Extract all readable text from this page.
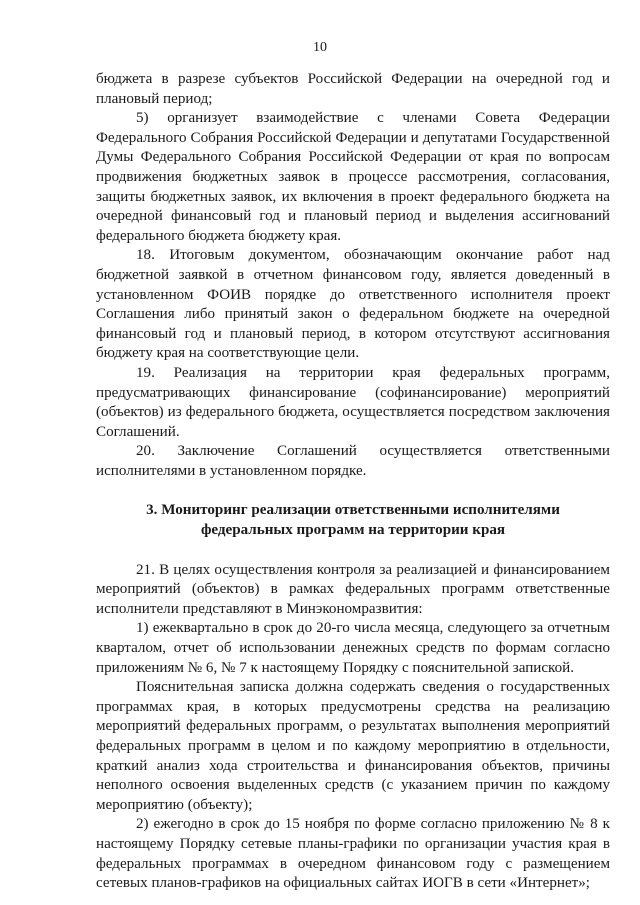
10

бюджета в разрезе субъектов Российской Федерации на очередной год и плановый период;

5) организует взаимодействие с членами Совета Федерации Федерального Собрания Российской Федерации и депутатами Государственной Думы Федерального Собрания Российской Федерации от края по вопросам продвижения бюджетных заявок в процессе рассмотрения, согласования, защиты бюджетных заявок, их включения в проект федерального бюджета на очередной финансовый год и плановый период и выделения ассигнований федерального бюджета бюджету края.

18. Итоговым документом, обозначающим окончание работ над бюджетной заявкой в отчетном финансовом году, является доведенный в установленном ФОИВ порядке до ответственного исполнителя проект Соглашения либо принятый закон о федеральном бюджете на очередной финансовый год и плановый период, в котором отсутствуют ассигнования бюджету края на соответствующие цели.

19. Реализация на территории края федеральных программ, предусматривающих финансирование (софинансирование) мероприятий (объектов) из федерального бюджета, осуществляется посредством заключения Соглашений.

20. Заключение Соглашений осуществляется ответственными исполнителями в установленном порядке.

3. Мониторинг реализации ответственными исполнителями
федеральных программ на территории края

21. В целях осуществления контроля за реализацией и финансированием мероприятий (объектов) в рамках федеральных программ ответственные исполнители представляют в Минэкономразвития:

1) ежеквартально в срок до 20-го числа месяца, следующего за отчетным кварталом, отчет об использовании денежных средств по формам согласно приложениям № 6, № 7 к настоящему Порядку с пояснительной запиской.

Пояснительная записка должна содержать сведения о государственных программах края, в которых предусмотрены средства на реализацию мероприятий федеральных программ, о результатах выполнения мероприятий федеральных программ в целом и по каждому мероприятию в отдельности, краткий анализ хода строительства и финансирования объектов, причины неполного освоения выделенных средств (с указанием причин по каждому мероприятию (объекту);

2) ежегодно в срок до 15 ноября по форме согласно приложению № 8 к настоящему Порядку сетевые планы-графики по организации участия края в федеральных программах в очередном финансовом году с размещением сетевых планов-графиков на официальных сайтах ИОГВ в сети «Интернет»;
